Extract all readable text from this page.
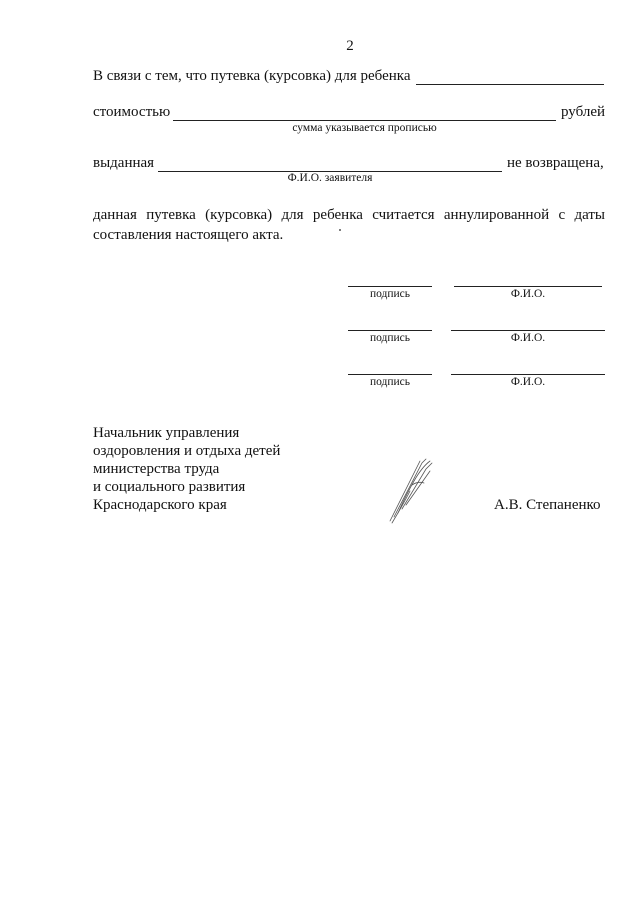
2
В связи с тем, что путевка (курсовка) для ребенка
стоимостью	рублей
сумма указывается прописью
выданная	не возвращена,
Ф.И.О. заявителя
данная путевка (курсовка) для ребенка считается аннулированной с даты составления настоящего акта.
подпись	Ф.И.О.
подпись	Ф.И.О.
подпись	Ф.И.О.
Начальник управления
оздоровления и отдыха детей
министерства труда
и социального развития
Краснодарского края	А.В. Степаненко
